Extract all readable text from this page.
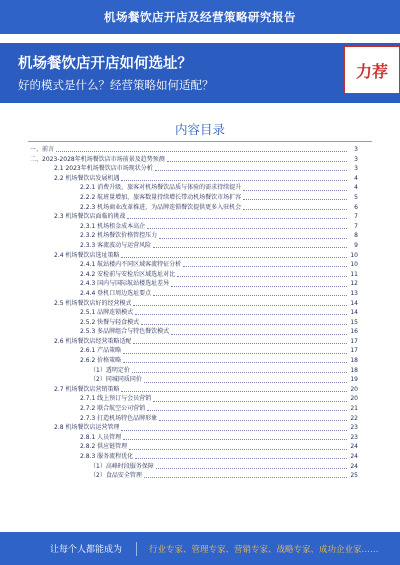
机场餐饮店开店及经营策略研究报告
机场餐饮店开店如何选址？
好的模式是什么？经营策略如何适配？
力荐
内容目录
一、前言	3
二、2023-2028年机场餐饮店市场前景及趋势预测	3
2.1 2023年机场餐饮店市场现状分析	3
2.2 机场餐饮店发展机遇	4
2.2.1 消费升级，旅客对机场餐饮品质与体验的需求持续提升	4
2.2.2 航班量增加，旅客数量持续增长带动机场餐饮市场扩容	5
2.2.3 机场商业改革推进，为品牌连锁餐饮提供更多入驻机会	6
2.3 机场餐饮店面临的挑战	7
2.3.1 机场租金成本高企	7
2.3.2 机场餐饮价格管控压力	8
2.3.3 客流波动与运营风险	9
2.4 机场餐饮店选址策略	10
2.4.1 航站楼内不同区域客流特征分析	10
2.4.2 安检前与安检后区域选址对比	11
2.4.3 国内与国际航站楼选址差异	12
2.4.4 登机口周边选址要点	13
2.5 机场餐饮店好的经营模式	14
2.5.1 品牌连锁模式	14
2.5.2 快餐与轻食模式	15
2.5.3 多品牌组合与特色餐饮模式	16
2.6 机场餐饮店经营策略适配	17
2.6.1 产品策略	17
2.6.2 价格策略	18
（1）透明定价	18
（2）同城同质同价	19
2.7 机场餐饮店营销策略	20
2.7.1 线上预订与会员营销	20
2.7.2 联合航空公司营销	21
2.7.3 打造机场特色品牌形象	22
2.8 机场餐饮店运营管理	23
2.8.1 人员管理	23
2.8.2 供应链管理	24
2.8.3 服务流程优化	24
（1）高峰时段服务保障	24
（2）食品安全管理	25
让每个人都能成为	行业专家、管理专家、营销专家、战略专家、成功企业家……
